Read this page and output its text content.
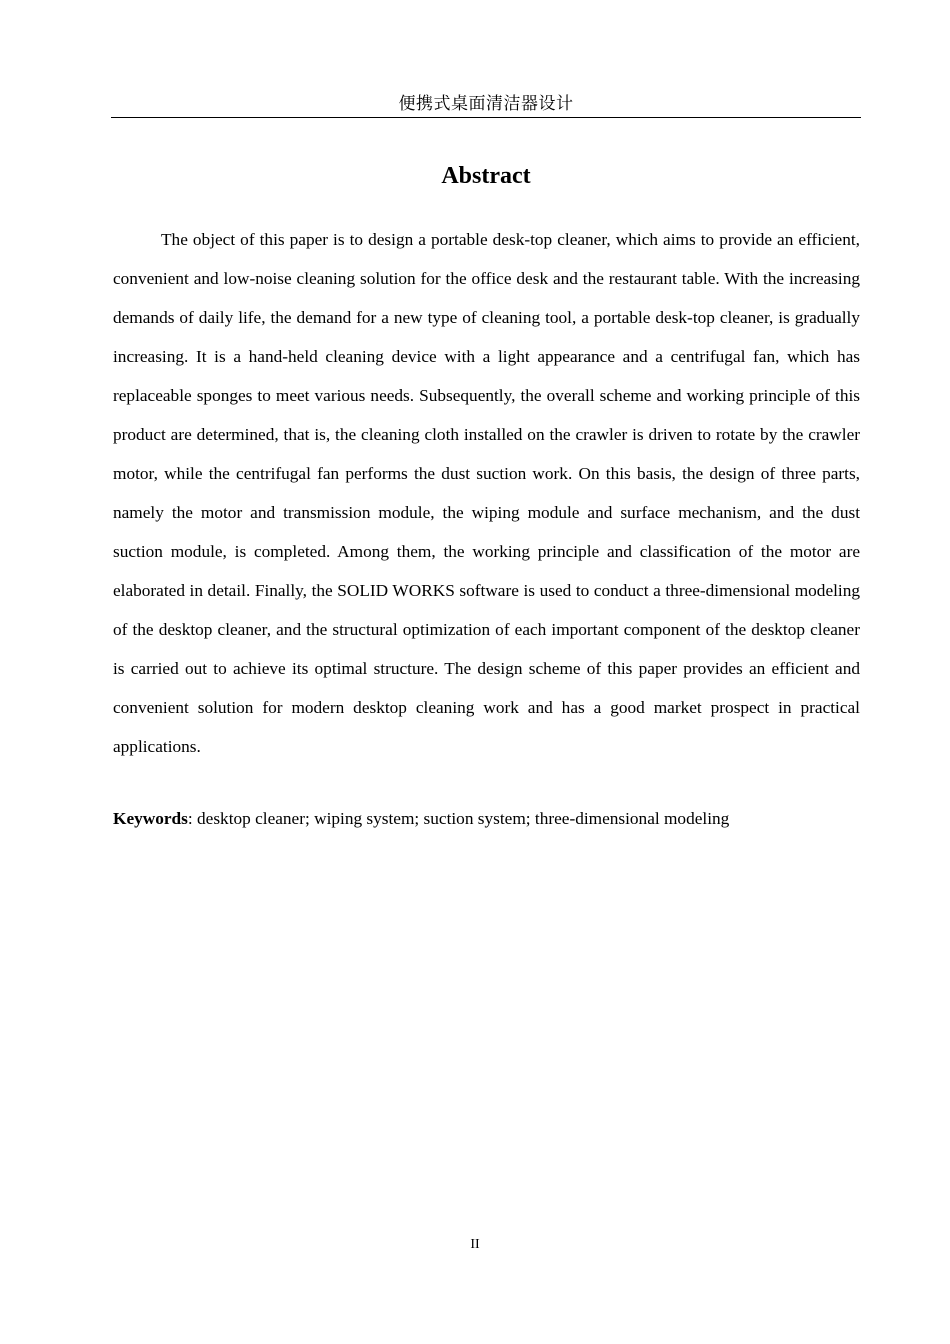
便携式桌面清洁器设计
Abstract

The object of this paper is to design a portable desk-top cleaner, which aims to provide an efficient, convenient and low-noise cleaning solution for the office desk and the restaurant table. With the increasing demands of daily life, the demand for a new type of cleaning tool, a portable desk-top cleaner, is gradually increasing. It is a hand-held cleaning device with a light appearance and a centrifugal fan, which has replaceable sponges to meet various needs. Subsequently, the overall scheme and working principle of this product are determined, that is, the cleaning cloth installed on the crawler is driven to rotate by the crawler motor, while the centrifugal fan performs the dust suction work. On this basis, the design of three parts, namely the motor and transmission module, the wiping module and surface mechanism, and the dust suction module, is completed. Among them, the working principle and classification of the motor are elaborated in detail. Finally, the SOLID WORKS software is used to conduct a three-dimensional modeling of the desktop cleaner, and the structural optimization of each important component of the desktop cleaner is carried out to achieve its optimal structure. The design scheme of this paper provides an efficient and convenient solution for modern desktop cleaning work and has a good market prospect in practical applications.

Keywords: desktop cleaner; wiping system; suction system; three-dimensional modeling

II
